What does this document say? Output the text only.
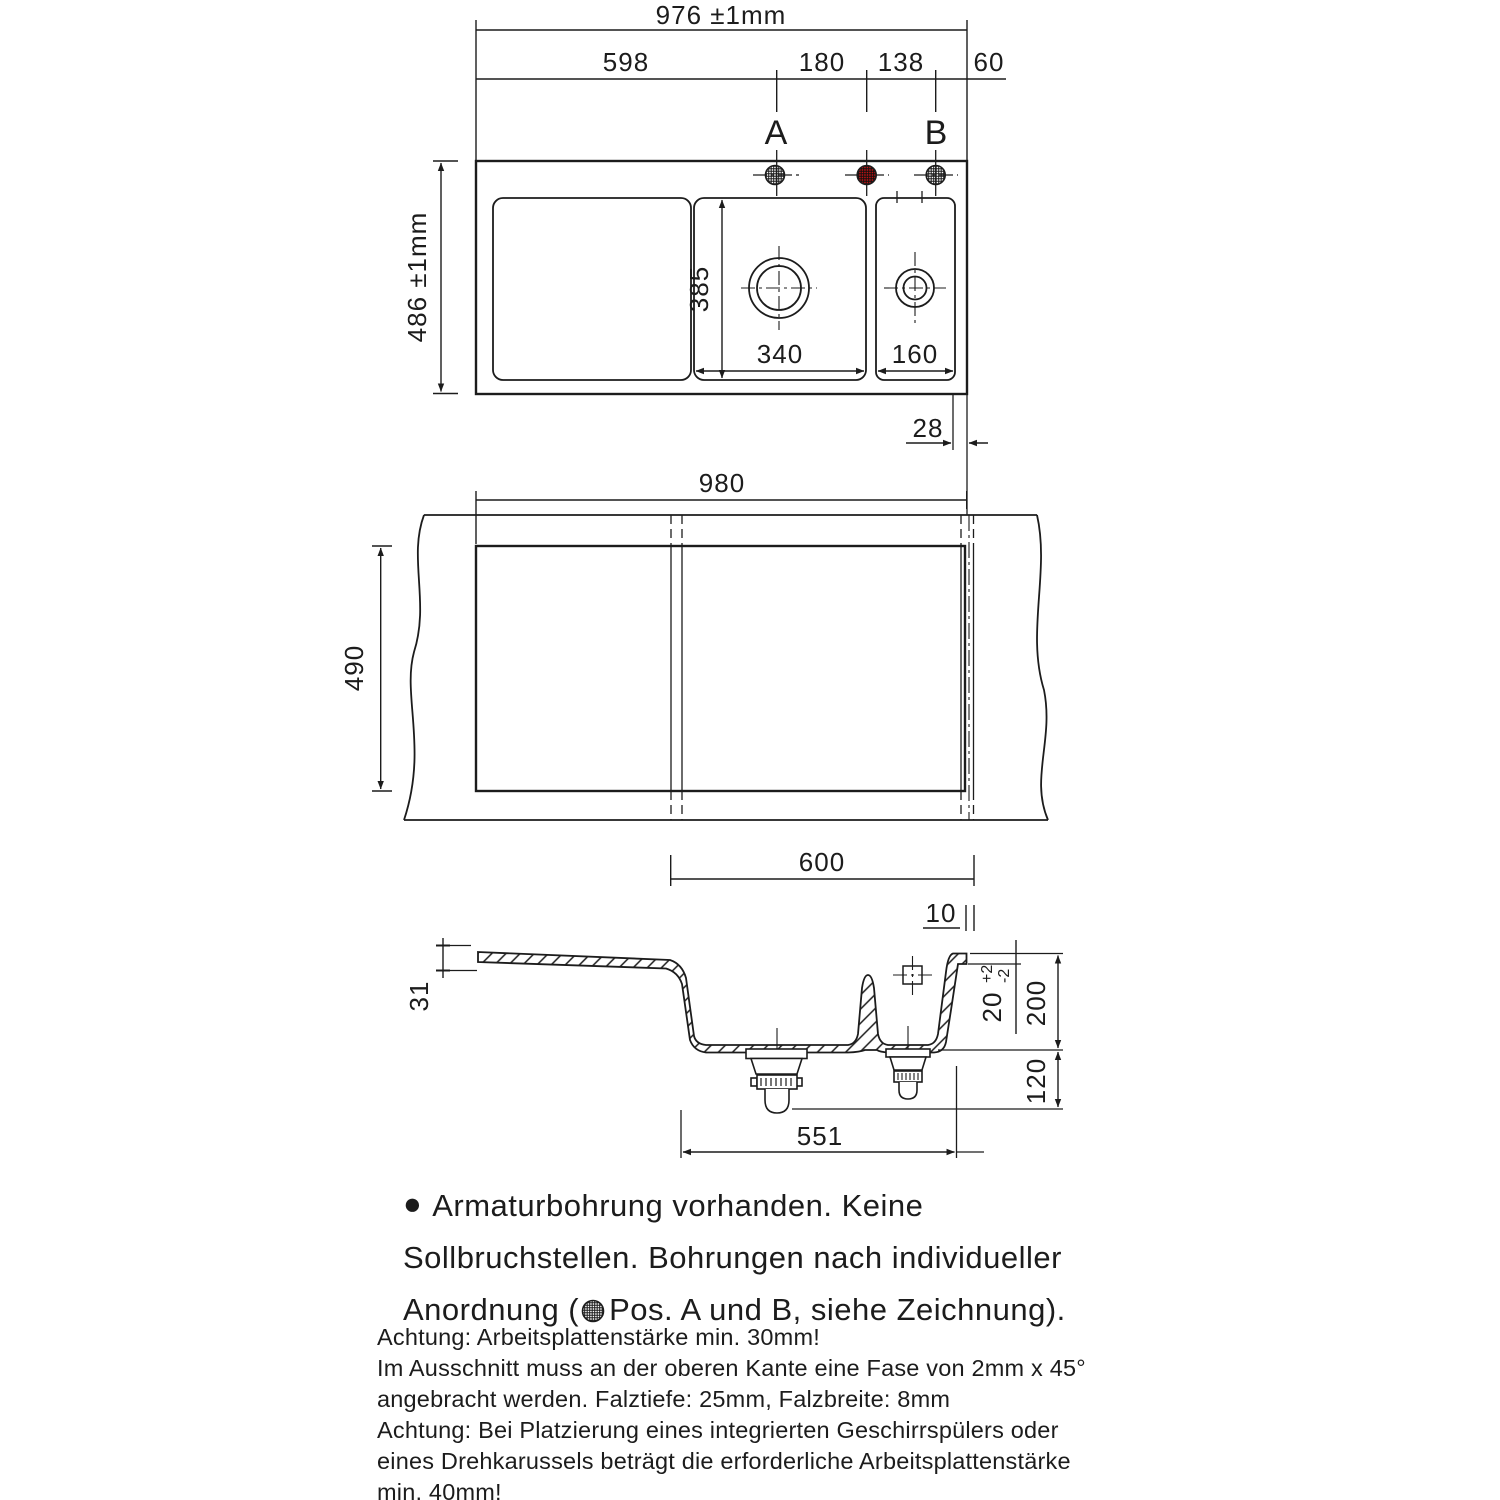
976 ±1mm
598	180 138 60
A	B
385
340	160
486 ±1mm
28
980
490
600
10
31	20
+2 -2
200
120
551
● Armaturbohrung vorhanden. Keine
Sollbruchstellen. Bohrungen nach individueller
Anordnung ( Pos. A und B, siehe Zeichnung).
Achtung: Arbeitsplattenstärke min. 30mm!
Im Ausschnitt muss an der oberen Kante eine Fase von 2mm x 45°
angebracht werden. Falztiefe: 25mm, Falzbreite: 8mm
Achtung: Bei Platzierung eines integrierten Geschirrspülers oder
eines Drehkarussels beträgt die erforderliche Arbeitsplattenstärke
min. 40mm!
